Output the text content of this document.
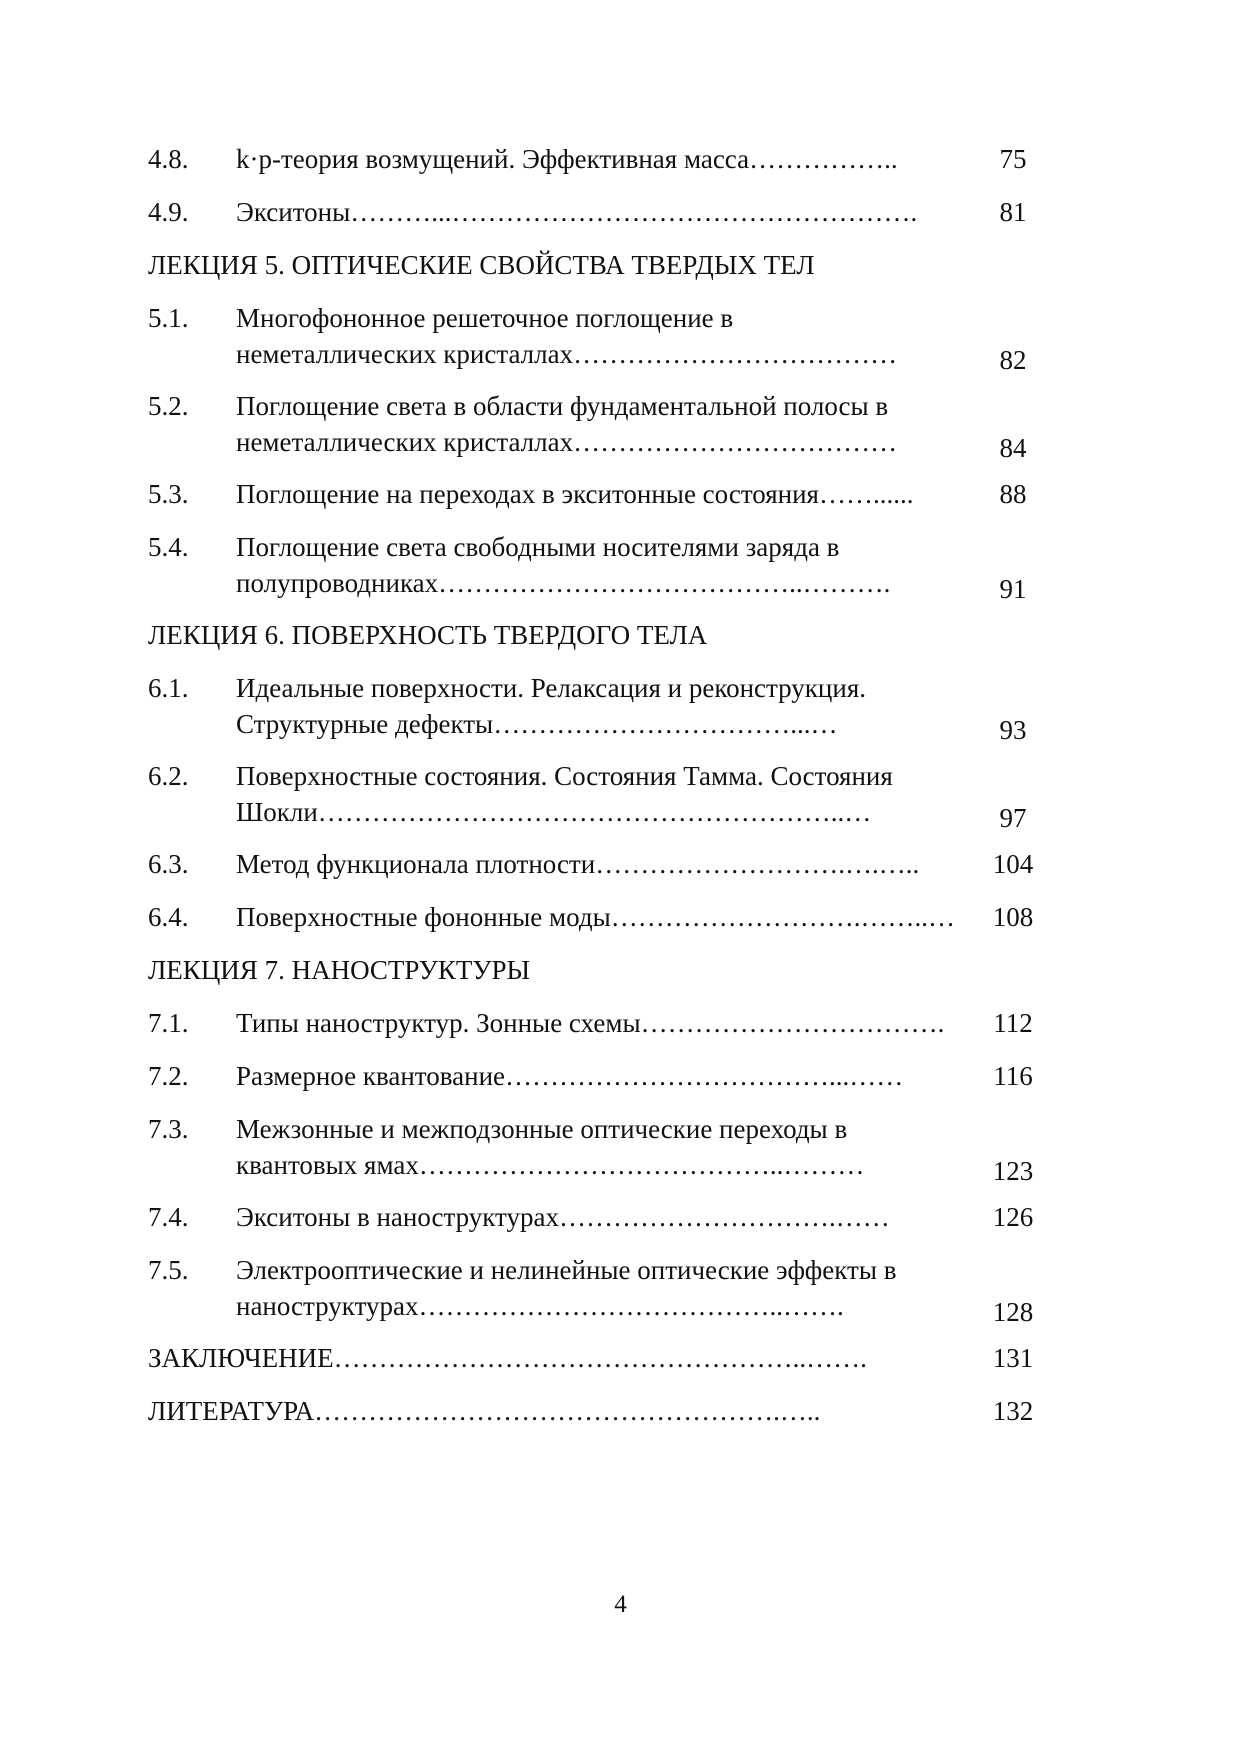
4.8.	k·p-теория возмущений. Эффективная масса……………..	75
4.9.	Экситоны………...…………………………………………….	81
ЛЕКЦИЯ 5. ОПТИЧЕСКИЕ СВОЙСТВА ТВЕРДЫХ ТЕЛ
5.1.	Многофононное решеточное поглощение в
неметаллических кристаллах………………………………	82
5.2.	Поглощение света в области фундаментальной полосы в
неметаллических кристаллах………………………………	84
5.3.	Поглощение на переходах в экситонные состояния……......	88
5.4.	Поглощение света свободными носителями заряда в
полупроводниках…………………………………..……….	91
ЛЕКЦИЯ 6. ПОВЕРХНОСТЬ ТВЕРДОГО ТЕЛА
6.1.	Идеальные поверхности. Релаксация и реконструкция.
Структурные дефекты……………………………...…	93
6.2.	Поверхностные состояния. Состояния Тамма. Состояния
Шокли…………………………………………………..…	97
6.3.	Метод функционала плотности……………………….….…..	104
6.4.	Поверхностные фононные моды……………………….……..…	108
ЛЕКЦИЯ 7. НАНОСТРУКТУРЫ
7.1.	Типы наноструктур. Зонные схемы…………………………….	112
7.2.	Размерное квантование………………………………...……	116
7.3.	Межзонные и межподзонные оптические переходы в
квантовых ямах…………………………………..………	123
7.4.	Экситоны в наноструктурах………………………….……	126
7.5.	Электрооптические и нелинейные оптические эффекты в
наноструктурах…………………………………..…….	128
ЗАКЛЮЧЕНИЕ……………………………………………..…….	131
ЛИТЕРАТУРА…………………………………………….…..	132
4
